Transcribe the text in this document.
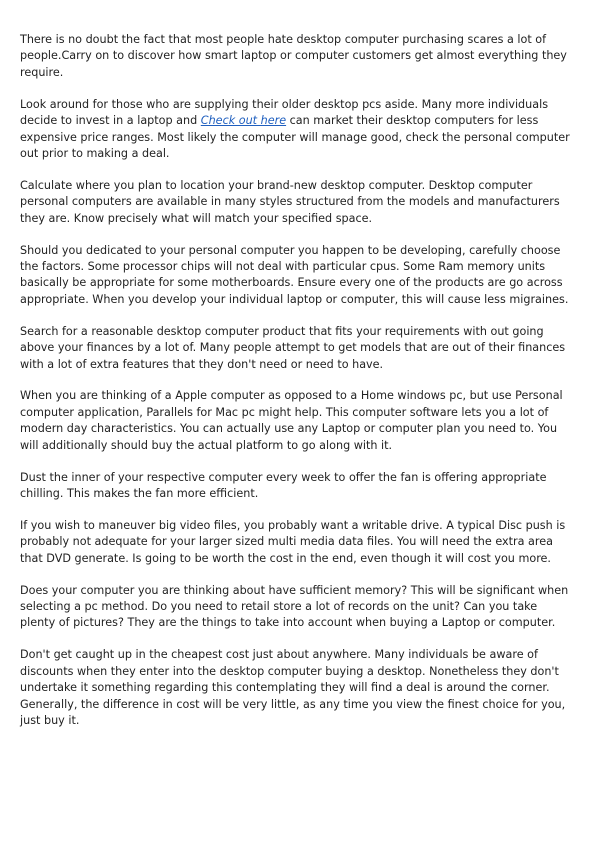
There is no doubt the fact that most people hate desktop computer purchasing scares a lot of people.Carry on to discover how smart laptop or computer customers get almost everything they require.

Look around for those who are supplying their older desktop pcs aside. Many more individuals decide to invest in a laptop and Check out here can market their desktop computers for less expensive price ranges. Most likely the computer will manage good, check the personal computer out prior to making a deal.

Calculate where you plan to location your brand-new desktop computer. Desktop computer personal computers are available in many styles structured from the models and manufacturers they are. Know precisely what will match your specified space.

Should you dedicated to your personal computer you happen to be developing, carefully choose the factors. Some processor chips will not deal with particular cpus. Some Ram memory units basically be appropriate for some motherboards. Ensure every one of the products are go across appropriate. When you develop your individual laptop or computer, this will cause less migraines.

Search for a reasonable desktop computer product that fits your requirements with out going above your finances by a lot of. Many people attempt to get models that are out of their finances with a lot of extra features that they don't need or need to have.

When you are thinking of a Apple computer as opposed to a Home windows pc, but use Personal computer application, Parallels for Mac pc might help. This computer software lets you a lot of modern day characteristics. You can actually use any Laptop or computer plan you need to. You will additionally should buy the actual platform to go along with it.

Dust the inner of your respective computer every week to offer the fan is offering appropriate chilling. This makes the fan more efficient.

If you wish to maneuver big video files, you probably want a writable drive. A typical Disc push is probably not adequate for your larger sized multi media data files. You will need the extra area that DVD generate. Is going to be worth the cost in the end, even though it will cost you more.

Does your computer you are thinking about have sufficient memory? This will be significant when selecting a pc method. Do you need to retail store a lot of records on the unit? Can you take plenty of pictures? They are the things to take into account when buying a Laptop or computer.

Don't get caught up in the cheapest cost just about anywhere. Many individuals be aware of discounts when they enter into the desktop computer buying a desktop. Nonetheless they don't undertake it something regarding this contemplating they will find a deal is around the corner. Generally, the difference in cost will be very little, as any time you view the finest choice for you, just buy it.
